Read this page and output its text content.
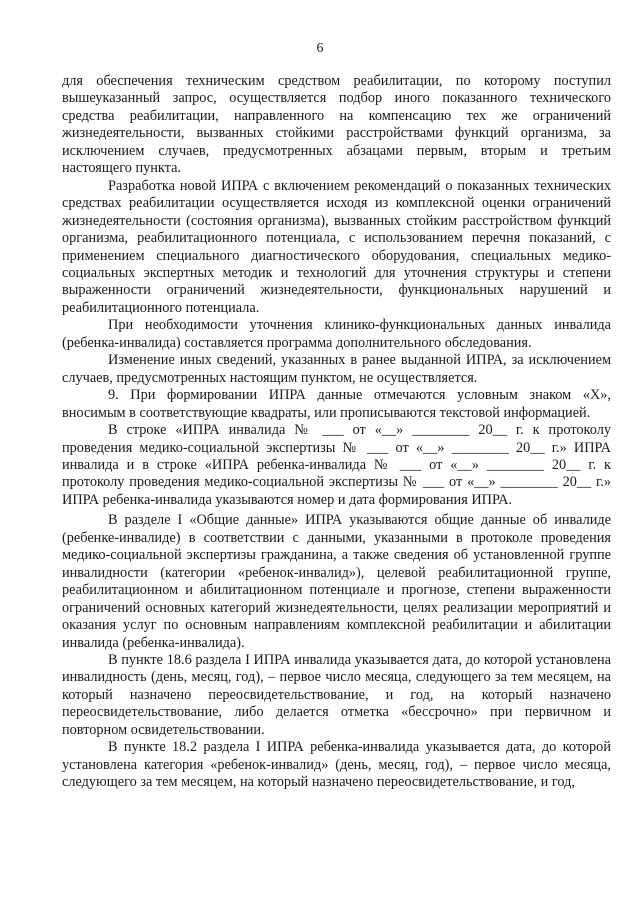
6

для обеспечения техническим средством реабилитации, по которому поступил вышеуказанный запрос, осуществляется подбор иного показанного технического средства реабилитации, направленного на компенсацию тех же ограничений жизнедеятельности, вызванных стойкими расстройствами функций организма, за исключением случаев, предусмотренных абзацами первым, вторым и третьим настоящего пункта.

Разработка новой ИПРА с включением рекомендаций о показанных технических средствах реабилитации осуществляется исходя из комплексной оценки ограничений жизнедеятельности (состояния организма), вызванных стойким расстройством функций организма, реабилитационного потенциала, с использованием перечня показаний, с применением специального диагностического оборудования, специальных медико-социальных экспертных методик и технологий для уточнения структуры и степени выраженности ограничений жизнедеятельности, функциональных нарушений и реабилитационного потенциала.

При необходимости уточнения клинико-функциональных данных инвалида (ребенка-инвалида) составляется программа дополнительного обследования.

Изменение иных сведений, указанных в ранее выданной ИПРА, за исключением случаев, предусмотренных настоящим пунктом, не осуществляется.

9. При формировании ИПРА данные отмечаются условным знаком «Х», вносимым в соответствующие квадраты, или прописываются текстовой информацией.

В строке «ИПРА инвалида № ___ от «__» ________ 20__ г. к протоколу проведения медико-социальной экспертизы № ___ от «__» ________ 20__ г.» ИПРА инвалида и в строке «ИПРА ребенка-инвалида № ___ от «__» ________ 20__ г. к протоколу проведения медико-социальной экспертизы № ___ от «__» ________ 20__ г.» ИПРА ребенка-инвалида указываются номер и дата формирования ИПРА.

В разделе I «Общие данные» ИПРА указываются общие данные об инвалиде (ребенке-инвалиде) в соответствии с данными, указанными в протоколе проведения медико-социальной экспертизы гражданина, а также сведения об установленной группе инвалидности (категории «ребенок-инвалид»), целевой реабилитационной группе, реабилитационном и абилитационном потенциале и прогнозе, степени выраженности ограничений основных категорий жизнедеятельности, целях реализации мероприятий и оказания услуг по основным направлениям комплексной реабилитации и абилитации инвалида (ребенка-инвалида).

В пункте 18.6 раздела I ИПРА инвалида указывается дата, до которой установлена инвалидность (день, месяц, год), – первое число месяца, следующего за тем месяцем, на который назначено переосвидетельствование, и год, на который назначено переосвидетельствование, либо делается отметка «бессрочно» при первичном и повторном освидетельствовании.

В пункте 18.2 раздела I ИПРА ребенка-инвалида указывается дата, до которой установлена категория «ребенок-инвалид» (день, месяц, год), – первое число месяца, следующего за тем месяцем, на который назначено переосвидетельствование, и год,
